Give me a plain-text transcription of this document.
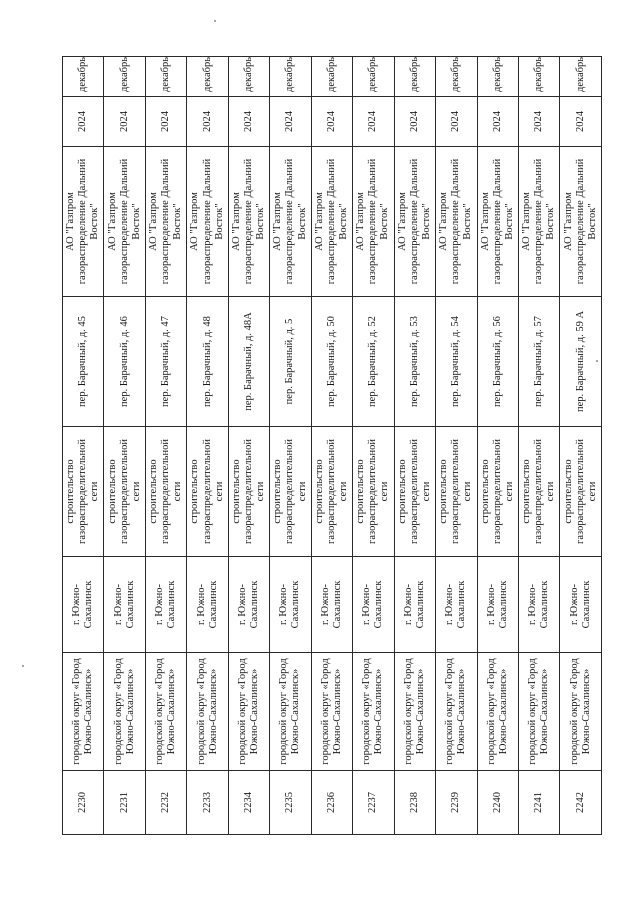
2230	городской округ «Город Южно-Сахалинск»	г. Южно-Сахалинск	строительство газораспределительной сети	пер. Барачный, д. 45	АО "Газпром газораспределение Дальний Восток"	2024	декабрь
2231	городской округ «Город Южно-Сахалинск»	г. Южно-Сахалинск	строительство газораспределительной сети	пер. Барачный, д. 46	АО "Газпром газораспределение Дальний Восток"	2024	декабрь
2232	городской округ «Город Южно-Сахалинск»	г. Южно-Сахалинск	строительство газораспределительной сети	пер. Барачный, д. 47	АО "Газпром газораспределение Дальний Восток"	2024	декабрь
2233	городской округ «Город Южно-Сахалинск»	г. Южно-Сахалинск	строительство газораспределительной сети	пер. Барачный, д. 48	АО "Газпром газораспределение Дальний Восток"	2024	декабрь
2234	городской округ «Город Южно-Сахалинск»	г. Южно-Сахалинск	строительство газораспределительной сети	пер. Барачный, д. 48А	АО "Газпром газораспределение Дальний Восток"	2024	декабрь
2235	городской округ «Город Южно-Сахалинск»	г. Южно-Сахалинск	строительство газораспределительной сети	пер. Барачный, д. 5	АО "Газпром газораспределение Дальний Восток"	2024	декабрь
2236	городской округ «Город Южно-Сахалинск»	г. Южно-Сахалинск	строительство газораспределительной сети	пер. Барачный, д. 50	АО "Газпром газораспределение Дальний Восток"	2024	декабрь
2237	городской округ «Город Южно-Сахалинск»	г. Южно-Сахалинск	строительство газораспределительной сети	пер. Барачный, д. 52	АО "Газпром газораспределение Дальний Восток"	2024	декабрь
2238	городской округ «Город Южно-Сахалинск»	г. Южно-Сахалинск	строительство газораспределительной сети	пер. Барачный, д. 53	АО "Газпром газораспределение Дальний Восток"	2024	декабрь
2239	городской округ «Город Южно-Сахалинск»	г. Южно-Сахалинск	строительство газораспределительной сети	пер. Барачный, д. 54	АО "Газпром газораспределение Дальний Восток"	2024	декабрь
2240	городской округ «Город Южно-Сахалинск»	г. Южно-Сахалинск	строительство газораспределительной сети	пер. Барачный, д. 56	АО "Газпром газораспределение Дальний Восток"	2024	декабрь
2241	городской округ «Город Южно-Сахалинск»	г. Южно-Сахалинск	строительство газораспределительной сети	пер. Барачный, д. 57	АО "Газпром газораспределение Дальний Восток"	2024	декабрь
2242	городской округ «Город Южно-Сахалинск»	г. Южно-Сахалинск	строительство газораспределительной сети	пер. Барачный, д. 59 А	АО "Газпром газораспределение Дальний Восток"	2024	декабрь
